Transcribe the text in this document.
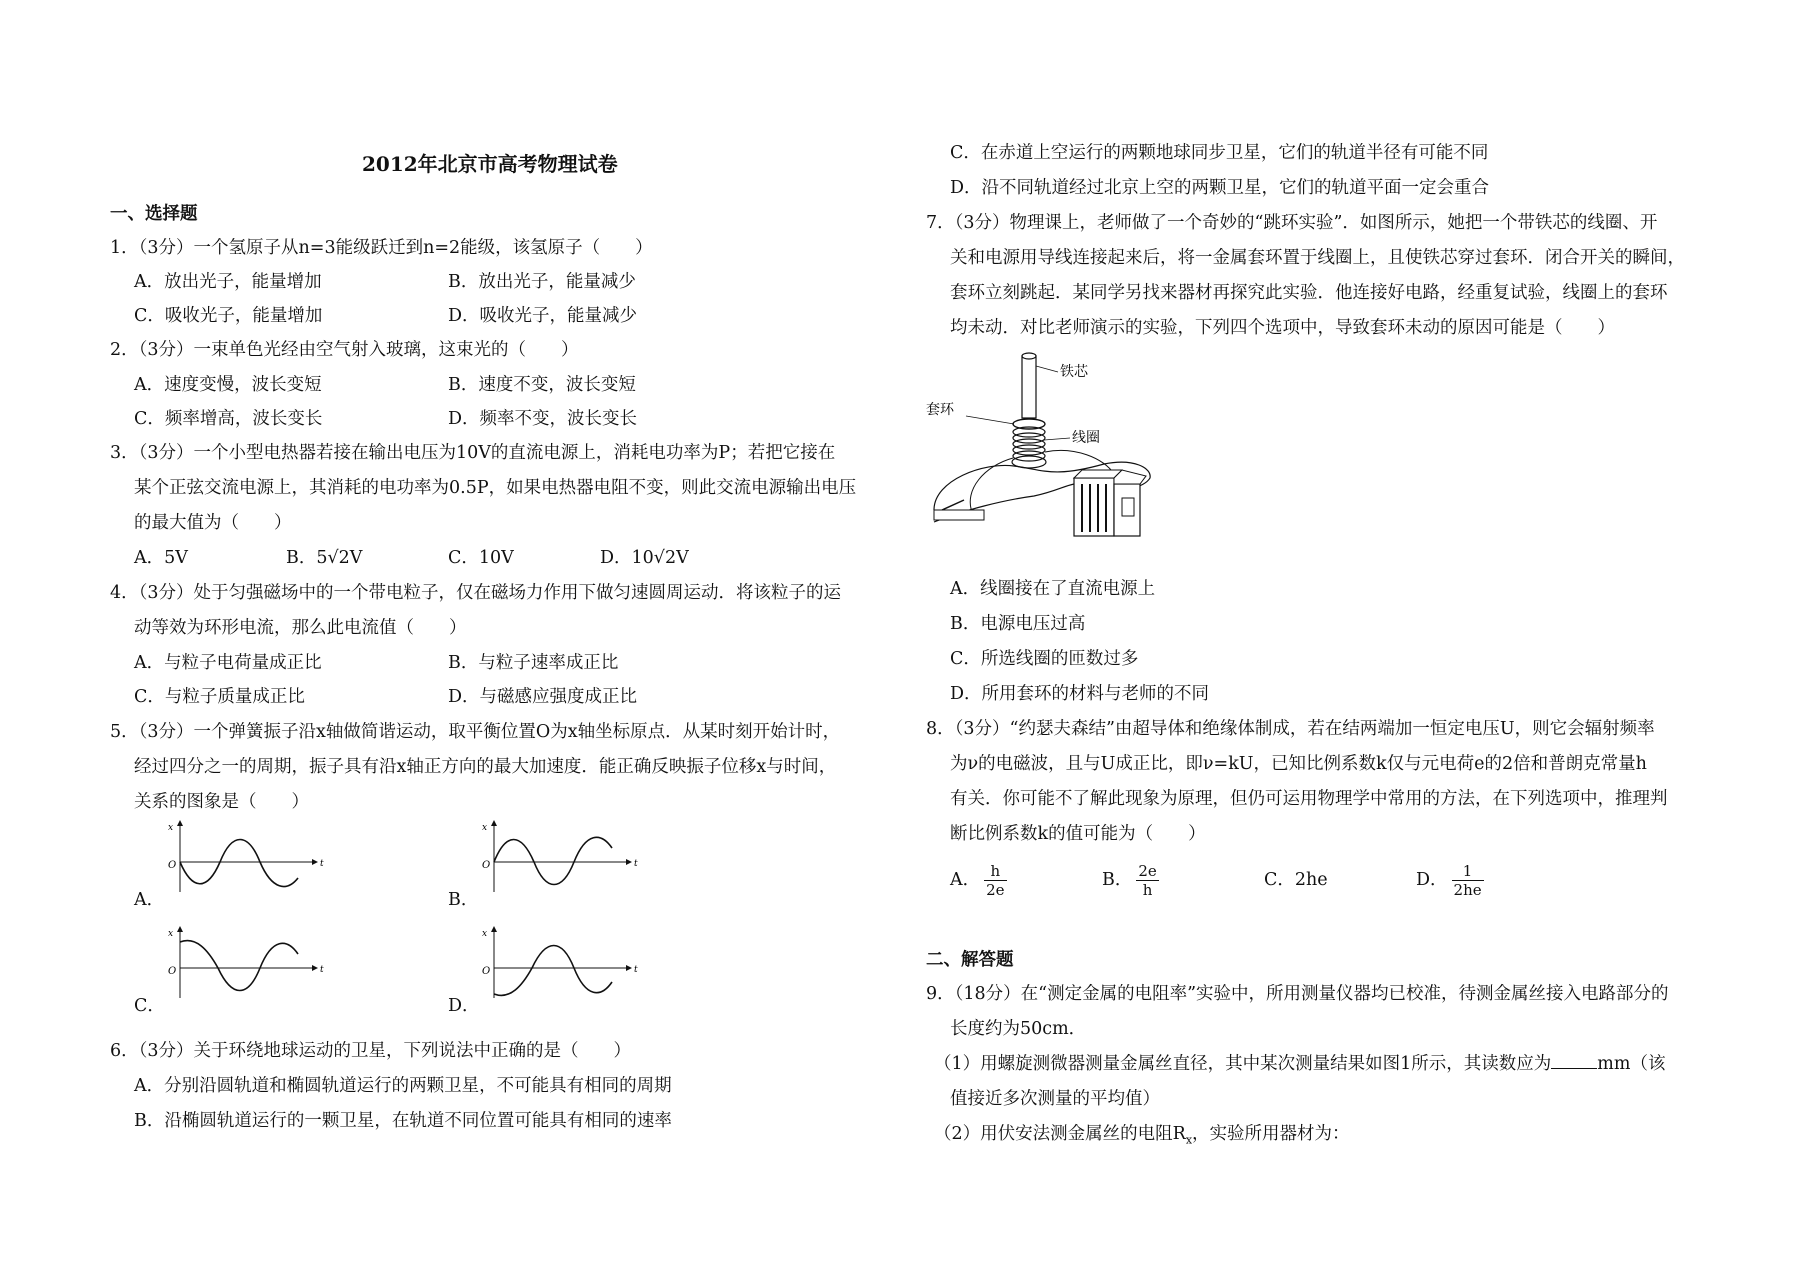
2012年北京市高考物理试卷
一、选择题
1．（3分）一个氢原子从n=3能级跃迁到n=2能级，该氢原子（　　）
A．放出光子，能量增加	B．放出光子，能量减少
C．吸收光子，能量增加	D．吸收光子，能量减少
2．（3分）一束单色光经由空气射入玻璃，这束光的（　　）
A．速度变慢，波长变短	B．速度不变，波长变短
C．频率增高，波长变长	D．频率不变，波长变长
3．（3分）一个小型电热器若接在输出电压为10V的直流电源上，消耗电功率为P；若把它接在
某个正弦交流电源上，其消耗的电功率为0.5P，如果电热器电阻不变，则此交流电源输出电压
的最大值为（　　）
A．5V	B．5√2V	C．10V	D．10√2V
4．（3分）处于匀强磁场中的一个带电粒子，仅在磁场力作用下做匀速圆周运动．将该粒子的运
动等效为环形电流，那么此电流值（　　）
A．与粒子电荷量成正比	B．与粒子速率成正比
C．与粒子质量成正比	D．与磁感应强度成正比
5．（3分）一个弹簧振子沿x轴做简谐运动，取平衡位置O为x轴坐标原点．从某时刻开始计时，
经过四分之一的周期，振子具有沿x轴正方向的最大加速度．能正确反映振子位移x与时间，
关系的图象是（　　）
A．	B．
C．	D．
x
t
O
x
t
O
x
t
O
x
t
O
6．（3分）关于环绕地球运动的卫星，下列说法中正确的是（　　）
A．分别沿圆轨道和椭圆轨道运行的两颗卫星，不可能具有相同的周期
B．沿椭圆轨道运行的一颗卫星，在轨道不同位置可能具有相同的速率
C．在赤道上空运行的两颗地球同步卫星，它们的轨道半径有可能不同
D．沿不同轨道经过北京上空的两颗卫星，它们的轨道平面一定会重合
7．（3分）物理课上，老师做了一个奇妙的“跳环实验”．如图所示，她把一个带铁芯的线圈、开
关和电源用导线连接起来后，将一金属套环置于线圈上，且使铁芯穿过套环．闭合开关的瞬间，
套环立刻跳起．某同学另找来器材再探究此实验．他连接好电路，经重复试验，线圈上的套环
均未动．对比老师演示的实验，下列四个选项中，导致套环未动的原因可能是（　　）
铁芯
套环
线圈
A．线圈接在了直流电源上
B．电源电压过高
C．所选线圈的匝数过多
D．所用套环的材料与老师的不同
8．（3分）“约瑟夫森结”由超导体和绝缘体制成，若在结两端加一恒定电压U，则它会辐射频率
为ν的电磁波，且与U成正比，即ν=kU，已知比例系数k仅与元电荷e的2倍和普朗克常量h
有关．你可能不了解此现象为原理，但仍可运用物理学中常用的方法，在下列选项中，推理判
断比例系数k的值可能为（　　）
A． $\frac{h}{2e}$	B． $\frac{2e}{h}$	C．2he	D． $\frac{1}{2he}$
二、解答题
9．（18分）在“测定金属的电阻率”实验中，所用测量仪器均已校准，待测金属丝接入电路部分的
长度约为50cm．
（1）用螺旋测微器测量金属丝直径，其中某次测量结果如图1所示，其读数应为	mm（该
值接近多次测量的平均值）
（2）用伏安法测金属丝的电阻$R_x$，实验所用器材为：
